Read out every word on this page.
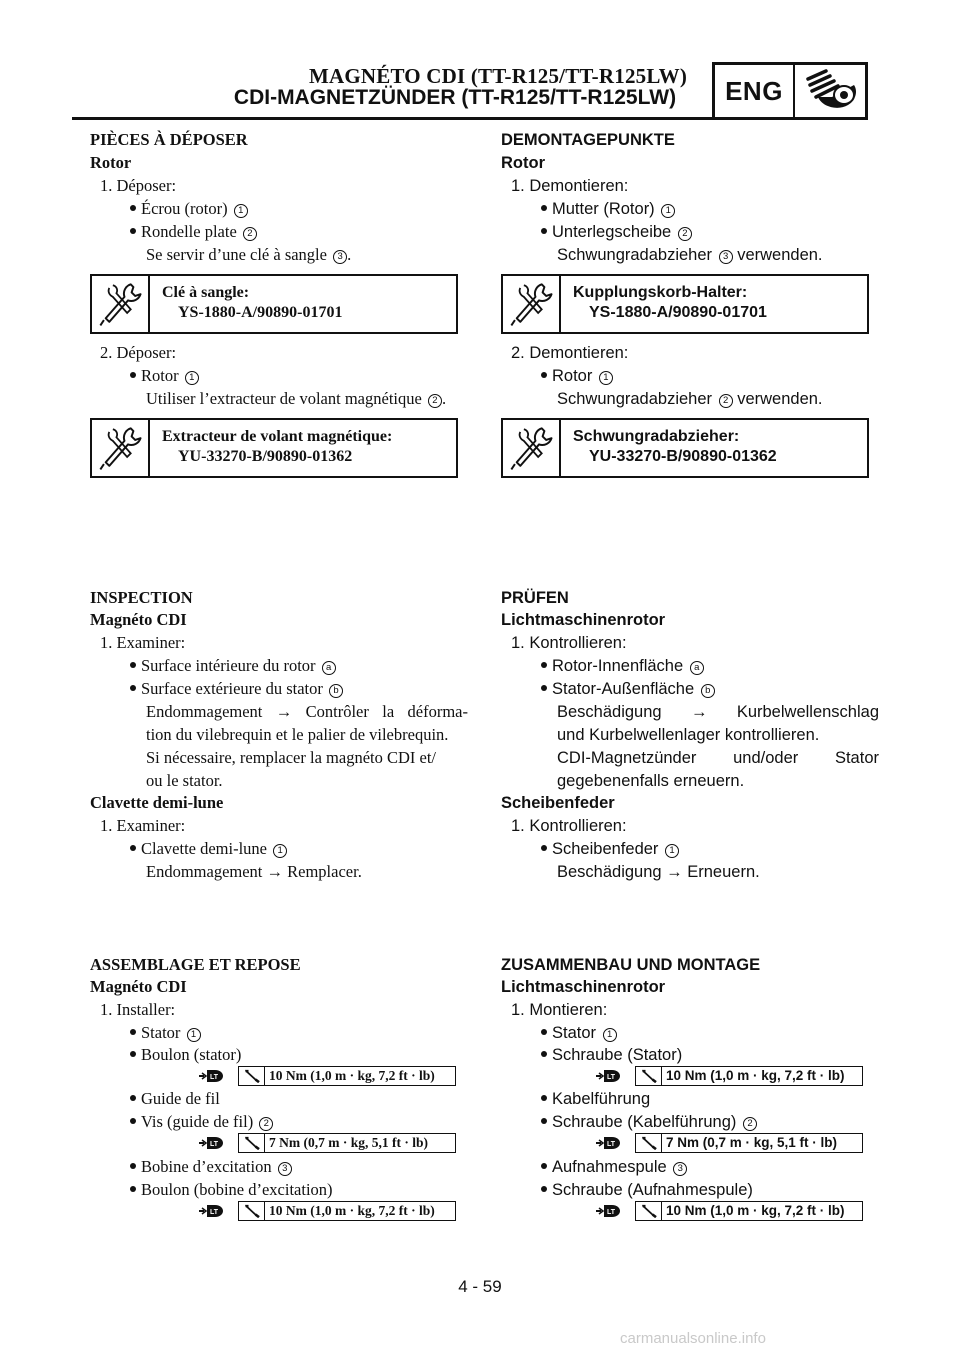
MAGNÉTO CDI (TT-R125/TT-R125LW)
CDI-MAGNETZÜNDER (TT-R125/TT-R125LW)	ENG
PIÈCES À DÉPOSER
Rotor
1. Déposer:
Écrou (rotor) 1
Rondelle plate 2
Se servir d’une clé à sangle 3 .
Clé à sangle:
YS-1880-A/90890-01701
2. Déposer:
Rotor 1
Utiliser l’extracteur de volant magnétique 2 .
Extracteur de volant magnétique:
YU-33270-B/90890-01362
INSPECTION
Magnéto CDI
1. Examiner:
Surface intérieure du rotor a
Surface extérieure du stator b
Endommagement → Contrôler la déforma-
tion du vilebrequin et le palier de vilebrequin.
Si nécessaire, remplacer la magnéto CDI et/
ou le stator.
Clavette demi-lune
1. Examiner:
Clavette demi-lune 1
Endommagement → Remplacer.
ASSEMBLAGE ET REPOSE
Magnéto CDI
1. Installer:
Stator 1
Boulon (stator)
10 Nm (1,0 m · kg, 7,2 ft · lb)
Guide de fil
Vis (guide de fil) 2
7 Nm (0,7 m · kg, 5,1 ft · lb)
Bobine d’excitation 3
Boulon (bobine d’excitation)
10 Nm (1,0 m · kg, 7,2 ft · lb)
DEMONTAGEPUNKTE
Rotor
1. Demontieren:
Mutter (Rotor) 1
Unterlegscheibe 2
Schwungradabzieher 3 verwenden.
Kupplungskorb-Halter:
YS-1880-A/90890-01701
2. Demontieren:
Rotor 1
Schwungradabzieher 2 verwenden.
Schwungradabzieher:
YU-33270-B/90890-01362
PRÜFEN
Lichtmaschinenrotor
1. Kontrollieren:
Rotor-Innenfläche a
Stator-Außenfläche b
Beschädigung → Kurbelwellenschlag
und Kurbelwellenlager kontrollieren.
CDI-Magnetzünder und/oder Stator
gegebenenfalls erneuern.
Scheibenfeder
1. Kontrollieren:
Scheibenfeder 1
Beschädigung → Erneuern.
ZUSAMMENBAU UND MONTAGE
Lichtmaschinenrotor
1. Montieren:
Stator 1
Schraube (Stator)
10 Nm (1,0 m · kg, 7,2 ft · lb)
Kabelführung
Schraube (Kabelführung) 2
7 Nm (0,7 m · kg, 5,1 ft · lb)
Aufnahmespule 3
Schraube (Aufnahmespule)
10 Nm (1,0 m · kg, 7,2 ft · lb)
4 - 59
carmanualsonline.info
